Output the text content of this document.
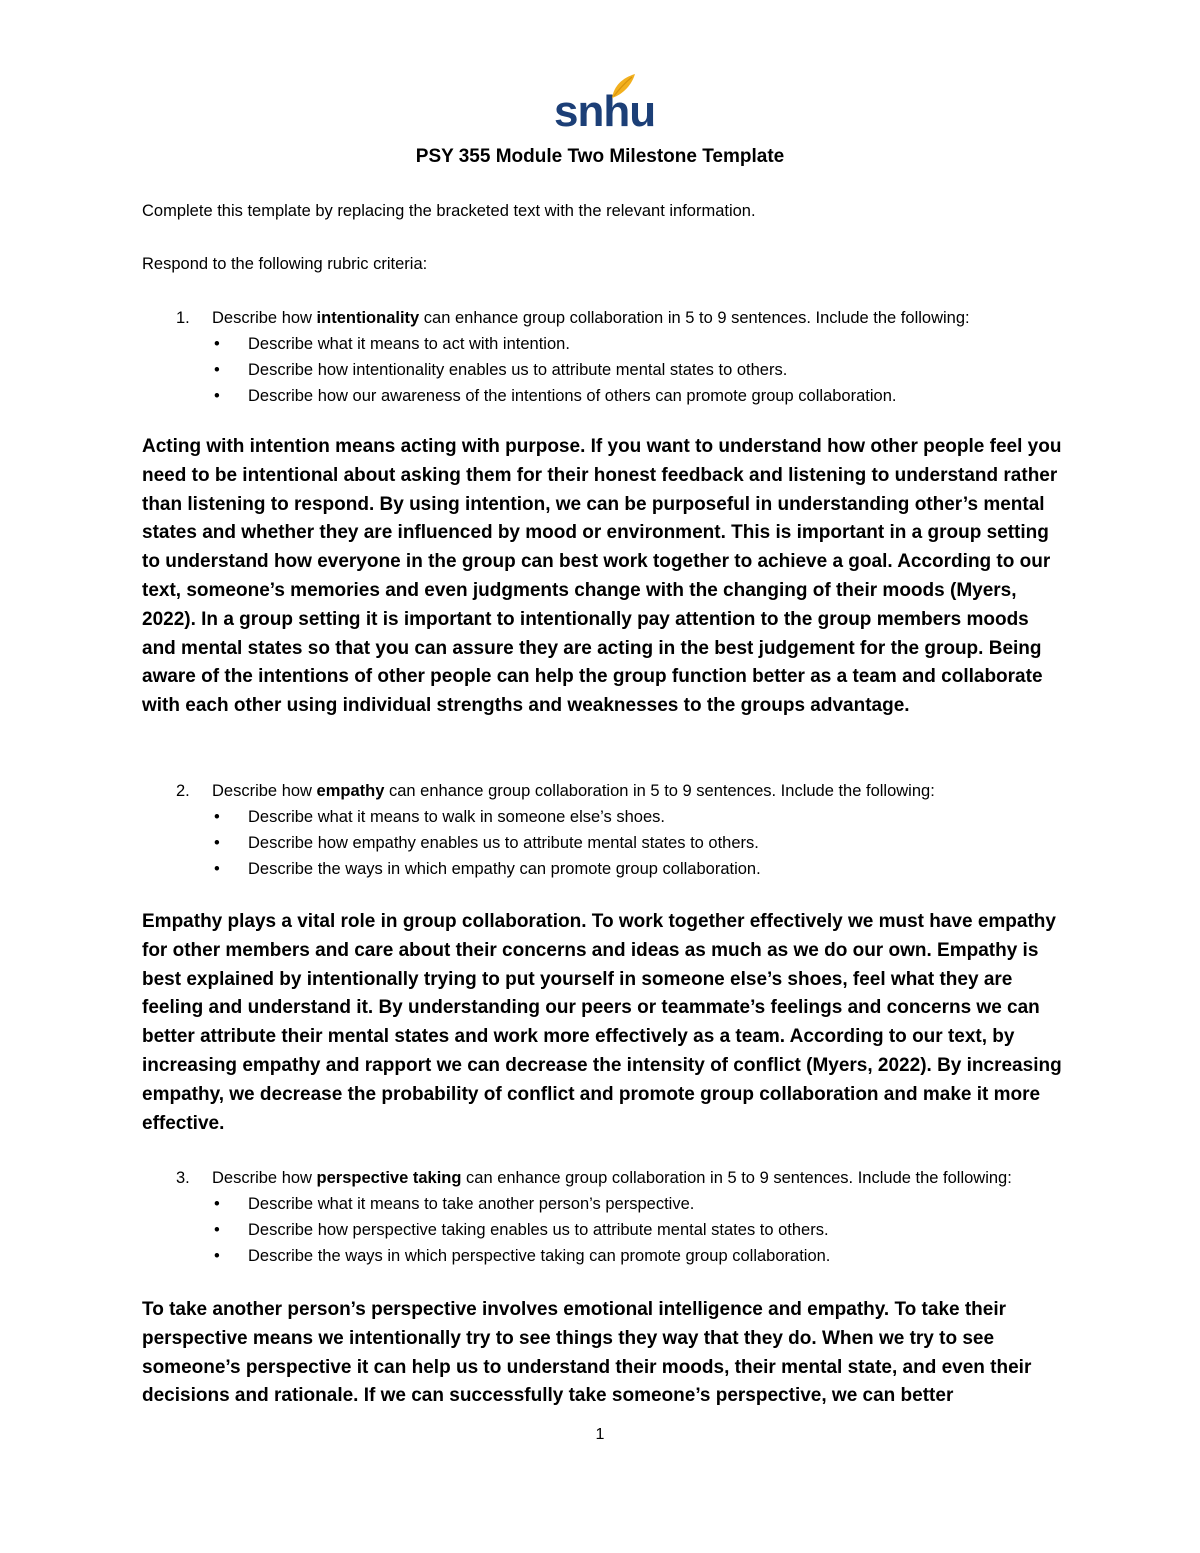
snhu
PSY 355 Module Two Milestone Template
Complete this template by replacing the bracketed text with the relevant information.
Respond to the following rubric criteria:
1. Describe how intentionality can enhance group collaboration in 5 to 9 sentences. Include the following:
• Describe what it means to act with intention.
• Describe how intentionality enables us to attribute mental states to others.
• Describe how our awareness of the intentions of others can promote group collaboration.

Acting with intention means acting with purpose. If you want to understand how other people feel you need to be intentional about asking them for their honest feedback and listening to understand rather than listening to respond. By using intention, we can be purposeful in understanding other’s mental states and whether they are influenced by mood or environment. This is important in a group setting to understand how everyone in the group can best work together to achieve a goal. According to our text, someone’s memories and even judgments change with the changing of their moods (Myers, 2022). In a group setting it is important to intentionally pay attention to the group members moods and mental states so that you can assure they are acting in the best judgement for the group. Being aware of the intentions of other people can help the group function better as a team and collaborate with each other using individual strengths and weaknesses to the groups advantage.

2. Describe how empathy can enhance group collaboration in 5 to 9 sentences. Include the following:
• Describe what it means to walk in someone else’s shoes.
• Describe how empathy enables us to attribute mental states to others.
• Describe the ways in which empathy can promote group collaboration.

Empathy plays a vital role in group collaboration. To work together effectively we must have empathy for other members and care about their concerns and ideas as much as we do our own. Empathy is best explained by intentionally trying to put yourself in someone else’s shoes, feel what they are feeling and understand it. By understanding our peers or teammate’s feelings and concerns we can better attribute their mental states and work more effectively as a team. According to our text, by increasing empathy and rapport we can decrease the intensity of conflict (Myers, 2022). By increasing empathy, we decrease the probability of conflict and promote group collaboration and make it more effective.

3. Describe how perspective taking can enhance group collaboration in 5 to 9 sentences. Include the following:
• Describe what it means to take another person’s perspective.
• Describe how perspective taking enables us to attribute mental states to others.
• Describe the ways in which perspective taking can promote group collaboration.

To take another person’s perspective involves emotional intelligence and empathy. To take their perspective means we intentionally try to see things they way that they do. When we try to see someone’s perspective it can help us to understand their moods, their mental state, and even their decisions and rationale. If we can successfully take someone’s perspective, we can better

1
